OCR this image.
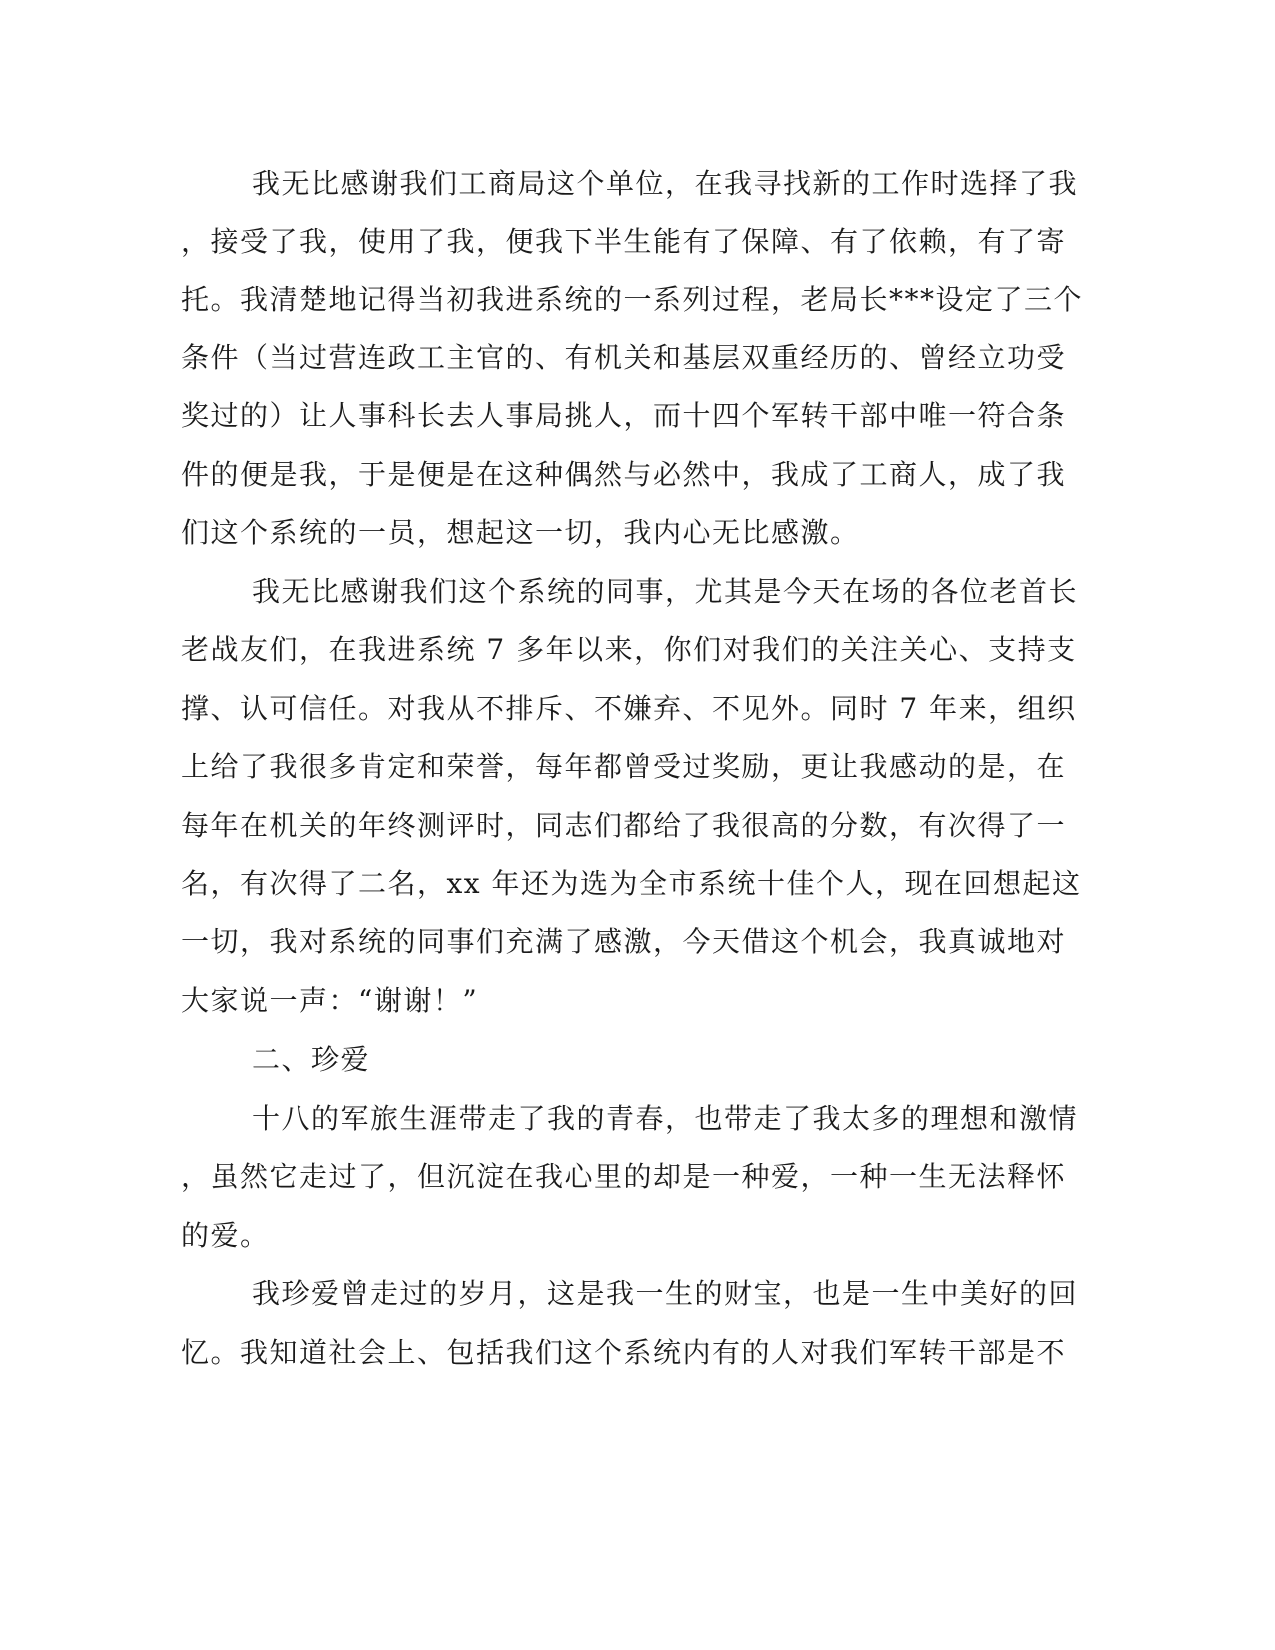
我无比感谢我们工商局这个单位，在我寻找新的工作时选择了我
，接受了我，使用了我，便我下半生能有了保障、有了依赖，有了寄
托。我清楚地记得当初我进系统的一系列过程，老局长***设定了三个
条件（当过营连政工主官的、有机关和基层双重经历的、曾经立功受
奖过的）让人事科长去人事局挑人，而十四个军转干部中唯一符合条
件的便是我，于是便是在这种偶然与必然中，我成了工商人，成了我
们这个系统的一员，想起这一切，我内心无比感激。
我无比感谢我们这个系统的同事，尤其是今天在场的各位老首长
老战友们，在我进系统 7 多年以来，你们对我们的关注关心、支持支
撑、认可信任。对我从不排斥、不嫌弃、不见外。同时 7 年来，组织
上给了我很多肯定和荣誉，每年都曾受过奖励，更让我感动的是，在
每年在机关的年终测评时，同志们都给了我很高的分数，有次得了一
名，有次得了二名，xx 年还为选为全市系统十佳个人，现在回想起这
一切，我对系统的同事们充满了感激，今天借这个机会，我真诚地对
大家说一声：“谢谢！”
二、珍爱
十八的军旅生涯带走了我的青春，也带走了我太多的理想和激情
，虽然它走过了，但沉淀在我心里的却是一种爱，一种一生无法释怀
的爱。
我珍爱曾走过的岁月，这是我一生的财宝，也是一生中美好的回
忆。我知道社会上、包括我们这个系统内有的人对我们军转干部是不
